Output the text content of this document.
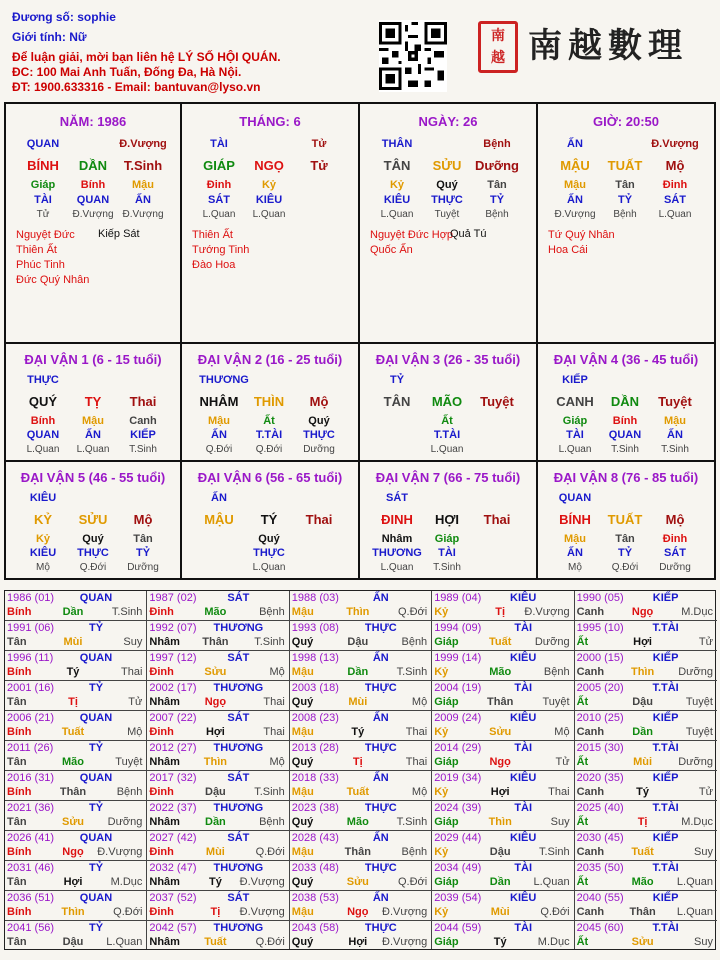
Đương số: sophie
Giới tính: Nữ
Để luận giải, mời bạn liên hệ LÝ SỐ HỘI QUÁN.
ĐC: 100 Mai Anh Tuấn, Đống Đa, Hà Nội.
ĐT: 1900.633316 - Email: bantuvan@lyso.vn
南
越 南越數理
NĂM: 1986
QUAN	Đ.Vượng
BÍNH	DẦN	T.Sinh
Giáp	Bính	Mậu
TÀI	QUAN	ẤN
Tử	Đ.Vượng Đ.Vượng
Nguyệt Đức
Thiên Ất
Phúc Tinh
Đức Quý Nhân
Kiếp Sát
THÁNG: 6
TÀI	Tử
GIÁP	NGỌ	Tử
Đinh	Kỷ
SÁT	KIÊU
L.Quan	L.Quan
Thiên Ất
Tướng Tinh
Đào Hoa
NGÀY: 26
THÂN	Bệnh
TÂN	SỬU	Dưỡng
Kỷ	Quý	Tân
KIÊU	THỰC	TỶ
L.Quan	Tuyệt	Bệnh
Nguyệt Đức Hợp
Quốc Ấn
Quả Tú
GIỜ: 20:50
ẤN	Đ.Vượng
MẬU	TUẤT	Mộ
Mậu	Tân	Đinh
ẤN	TỶ	SÁT
Đ.Vượng	Bệnh	L.Quan
Tứ Quý Nhân
Hoa Cái
ĐẠI VẬN 1 (6 - 15 tuổi)
THỰC
QUÝ	TỴ	Thai
Bính	Mậu	Canh
QUAN	ẤN	KIẾP
L.Quan	L.Quan	T.Sinh
ĐẠI VẬN 2 (16 - 25 tuổi)
THƯƠNG
NHÂM	THÌN	Mộ
Mậu	Ất	Quý
ẤN	T.TÀI	THỰC
Q.Đới	Q.Đới	Dưỡng
ĐẠI VẬN 3 (26 - 35 tuổi)
TỶ
TÂN	MÃO	Tuyệt
Ất
T.TÀI
L.Quan
ĐẠI VẬN 4 (36 - 45 tuổi)
KIẾP
CANH	DẦN	Tuyệt
Giáp	Bính	Mậu
TÀI	QUAN	ẤN
L.Quan	T.Sinh	T.Sinh
ĐẠI VẬN 5 (46 - 55 tuổi)
KIÊU
KỶ	SỬU	Mộ
Kỷ	Quý	Tân
KIÊU	THỰC	TỶ
Mộ	Q.Đới	Dưỡng
ĐẠI VẬN 6 (56 - 65 tuổi)
ẤN
MẬU	TÝ	Thai
Quý
THỰC
L.Quan
ĐẠI VẬN 7 (66 - 75 tuổi)
SÁT
ĐINH	HỢI	Thai
Nhâm	Giáp
THƯƠNG	TÀI
L.Quan	T.Sinh
ĐẠI VẬN 8 (76 - 85 tuổi)
QUAN
BÍNH	TUẤT	Mộ
Mậu	Tân	Đinh
ẤN	TỶ	SÁT
Mộ	Q.Đới	Dưỡng
1986 (01)	QUAN
Bính	Dần	T.Sinh
1987 (02)	SÁT
Đinh	Mão	Bệnh
1988 (03)	ẤN
Mậu	Thìn	Q.Đới
1989 (04)	KIÊU
Kỷ	Tị	Đ.Vượng
1990 (05)	KIẾP
Canh	Ngọ	M.Dục
1991 (06)	TỶ
Tân	Mùi	Suy
1992 (07)	THƯƠNG
Nhâm	Thân	T.Sinh
1993 (08)	THỰC
Quý	Dậu	Bệnh
1994 (09)	TÀI
Giáp	Tuất	Dưỡng
1995 (10)	T.TÀI
Ất	Hợi	Tử
1996 (11)	QUAN
Bính	Tý	Thai
1997 (12)	SÁT
Đinh	Sửu	Mộ
1998 (13)	ẤN
Mậu	Dần	T.Sinh
1999 (14)	KIÊU
Kỷ	Mão	Bệnh
2000 (15)	KIẾP
Canh	Thìn	Dưỡng
2001 (16)	TỶ
Tân	Tị	Tử
2002 (17)	THƯƠNG
Nhâm	Ngọ	Thai
2003 (18)	THỰC
Quý	Mùi	Mộ
2004 (19)	TÀI
Giáp	Thân	Tuyệt
2005 (20)	T.TÀI
Ất	Dậu	Tuyệt
2006 (21)	QUAN
Bính	Tuất	Mộ
2007 (22)	SÁT
Đinh	Hợi	Thai
2008 (23)	ẤN
Mậu	Tý	Thai
2009 (24)	KIÊU
Kỷ	Sửu	Mộ
2010 (25)	KIẾP
Canh	Dần	Tuyệt
2011 (26)	TỶ
Tân	Mão	Tuyệt
2012 (27)	THƯƠNG
Nhâm	Thìn	Mộ
2013 (28)	THỰC
Quý	Tị	Thai
2014 (29)	TÀI
Giáp	Ngọ	Tử
2015 (30)	T.TÀI
Ất	Mùi	Dưỡng
2016 (31)	QUAN
Bính	Thân	Bệnh
2017 (32)	SÁT
Đinh	Dậu	T.Sinh
2018 (33)	ẤN
Mậu	Tuất	Mộ
2019 (34)	KIÊU
Kỷ	Hợi	Thai
2020 (35)	KIẾP
Canh	Tý	Tử
2021 (36)	TỶ
Tân	Sửu	Dưỡng
2022 (37)	THƯƠNG
Nhâm	Dần	Bệnh
2023 (38)	THỰC
Quý	Mão	T.Sinh
2024 (39)	TÀI
Giáp	Thìn	Suy
2025 (40)	T.TÀI
Ất	Tị	M.Dục
2026 (41)	QUAN
Bính	Ngọ	Đ.Vượng
2027 (42)	SÁT
Đinh	Mùi	Q.Đới
2028 (43)	ẤN
Mậu	Thân	Bệnh
2029 (44)	KIÊU
Kỷ	Dậu	T.Sinh
2030 (45)	KIẾP
Canh	Tuất	Suy
2031 (46)	TỶ
Tân	Hợi	M.Dục
2032 (47)	THƯƠNG
Nhâm	Tý	Đ.Vượng
2033 (48)	THỰC
Quý	Sửu	Q.Đới
2034 (49)	TÀI
Giáp	Dần	L.Quan
2035 (50)	T.TÀI
Ất	Mão	L.Quan
2036 (51)	QUAN
Bính	Thìn	Q.Đới
2037 (52)	SÁT
Đinh	Tị	Đ.Vượng
2038 (53)	ẤN
Mậu	Ngọ	Đ.Vượng
2039 (54)	KIÊU
Kỷ	Mùi	Q.Đới
2040 (55)	KIẾP
Canh	Thân	L.Quan
2041 (56)	TỶ
Tân	Dậu	L.Quan
2042 (57)	THƯƠNG
Nhâm	Tuất	Q.Đới
2043 (58)	THỰC
Quý	Hợi	Đ.Vượng
2044 (59)	TÀI
Giáp	Tý	M.Dục
2045 (60)	T.TÀI
Ất	Sửu	Suy
